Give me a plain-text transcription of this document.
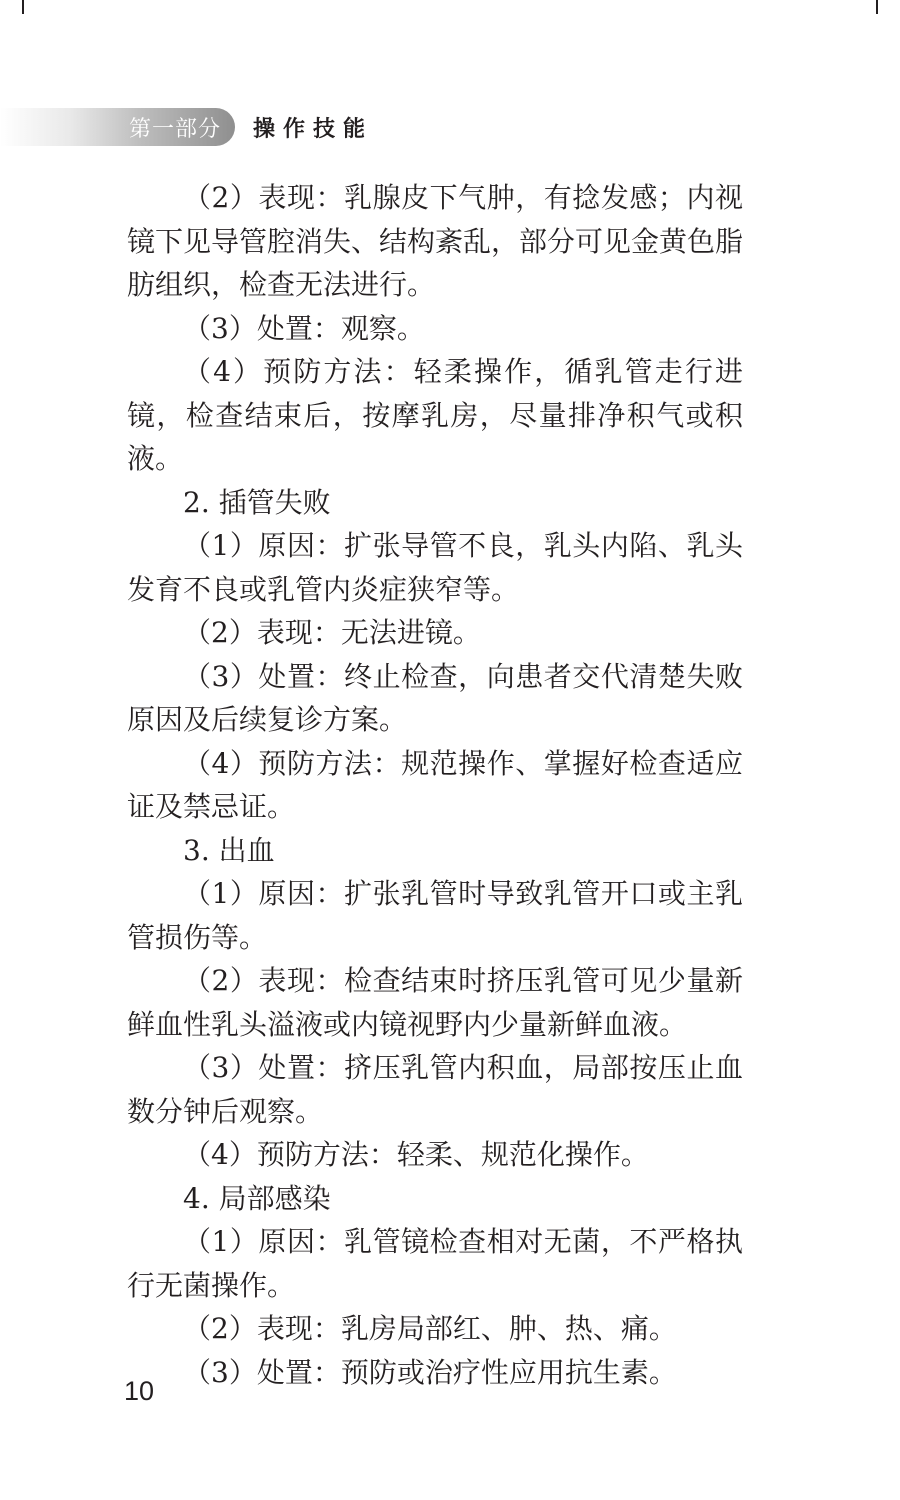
第一部分 操作技能

（2）表现：乳腺皮下气肿，有捻发感；内视镜下见导管腔消失、结构紊乱，部分可见金黄色脂肪组织，检查无法进行。

（3）处置：观察。

（4）预防方法：轻柔操作，循乳管走行进镜，检查结束后，按摩乳房，尽量排净积气或积液。

2. 插管失败

（1）原因：扩张导管不良，乳头内陷、乳头发育不良或乳管内炎症狭窄等。

（2）表现：无法进镜。

（3）处置：终止检查，向患者交代清楚失败原因及后续复诊方案。

（4）预防方法：规范操作、掌握好检查适应证及禁忌证。

3. 出血

（1）原因：扩张乳管时导致乳管开口或主乳管损伤等。

（2）表现：检查结束时挤压乳管可见少量新鲜血性乳头溢液或内镜视野内少量新鲜血液。

（3）处置：挤压乳管内积血，局部按压止血数分钟后观察。

（4）预防方法：轻柔、规范化操作。

4. 局部感染

（1）原因：乳管镜检查相对无菌，不严格执行无菌操作。

（2）表现：乳房局部红、肿、热、痛。

（3）处置：预防或治疗性应用抗生素。

10
